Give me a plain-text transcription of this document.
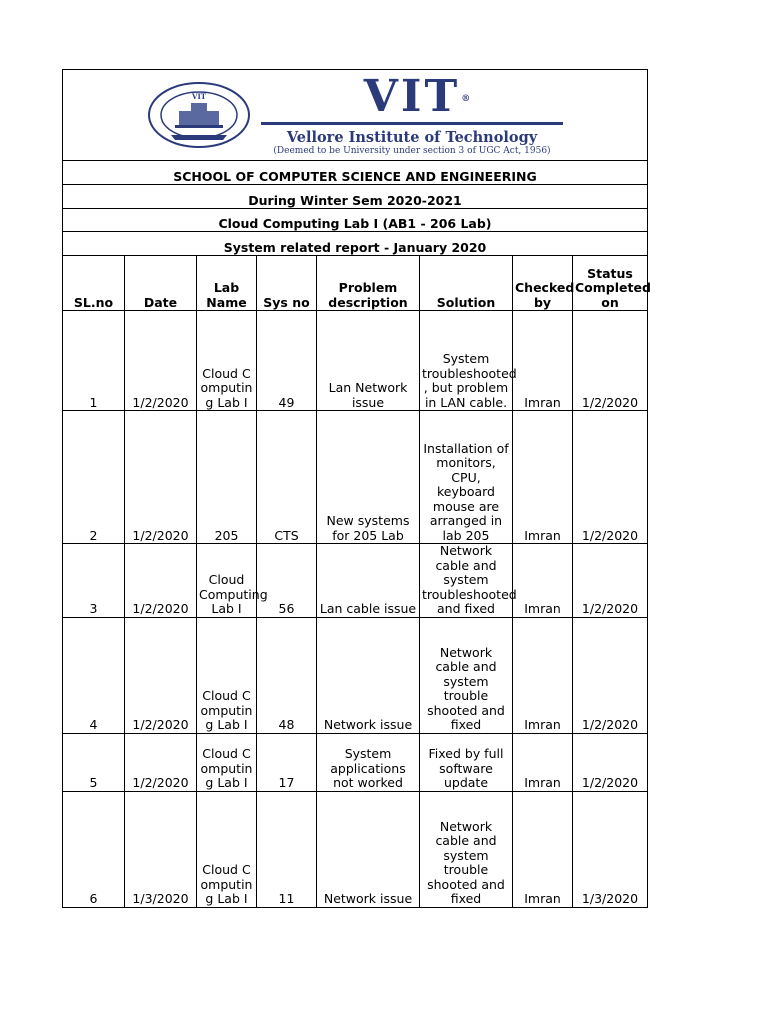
VIT VIT ®
Vellore Institute of Technology
(Deemed to be University under section 3 of UGC Act, 1956)							

SCHOOL OF COMPUTER SCIENCE AND ENGINEERING							
During Winter Sem 2020-2021							
Cloud Computing Lab I (AB1 - 206 Lab)							
System related report - January 2020							
SL.no	Date	Lab Name	Sys no	Problem description	Solution	Checked by	Status Completed on
1	1/2/2020	Cloud Computing Lab I	49	Lan Network issue	System troubleshooted , but problem in LAN cable.	Imran	1/2/2020
2	1/2/2020	205	CTS	New systems for 205 Lab	Installation of monitors, CPU, keyboard mouse are arranged in lab 205	Imran	1/2/2020
3	1/2/2020	Cloud Computing Lab I	56	Lan cable issue	Network cable and system troubleshooted and fixed	Imran	1/2/2020
4	1/2/2020	Cloud Computing Lab I	48	Network issue	Network cable and system trouble shooted and fixed	Imran	1/2/2020
5	1/2/2020	Cloud Computing Lab I	17	System applications not worked	Fixed by full software update	Imran	1/2/2020
6	1/3/2020	Cloud Computing Lab I	11	Network issue	Network cable and system trouble shooted and fixed	Imran	1/3/2020
